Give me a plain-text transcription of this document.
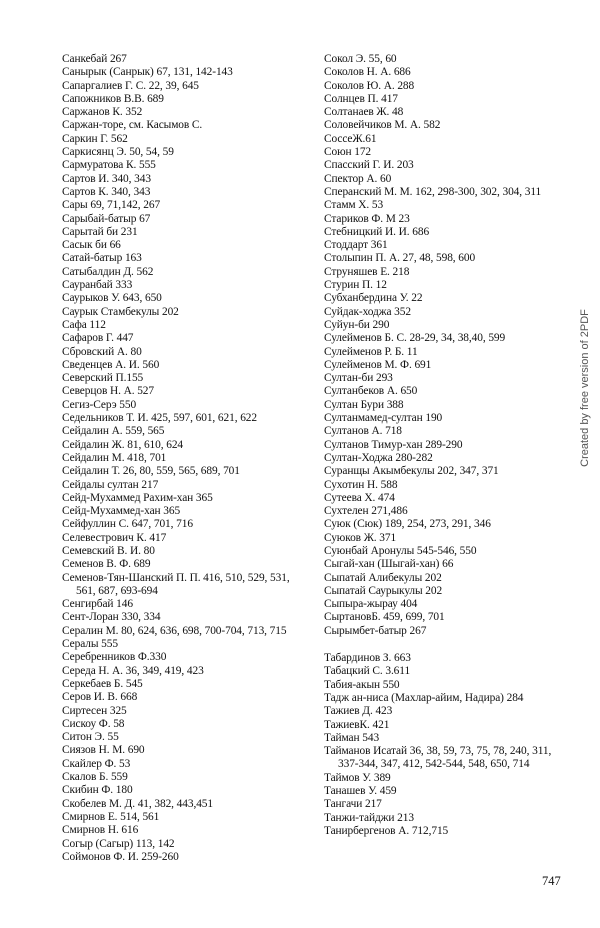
Санкебай 267
Санырык (Санрык) 67, 131, 142-143
Сапаргалиев Г. С. 22, 39, 645
Сапожников В.В. 689
Саржанов К. 352
Саржан-торе, см. Касымов С.
Саркин Г. 562
Саркисянц Э. 50, 54, 59
Сармуратова К. 555
Сартов И. 340, 343
Сартов К. 340, 343
Сары 69, 71,142, 267
Сарыбай-батыр 67
Сарытай би 231
Сасык би 66
Сатай-батыр 163
Сатыбалдин Д. 562
Сауранбай 333
Саурыков У. 643, 650
Саурык Стамбекулы 202
Сафа 112
Сафаров Г. 447
Сбровский А. 80
Сведенцев А. И. 560
Северский П.155
Северцов Н. А. 527
Сегиз-Серэ 550
Седельников Т. И. 425, 597, 601, 621, 622
Сейдалин А. 559, 565
Сейдалин Ж. 81, 610, 624
Сейдалин М. 418, 701
Сейдалин Т. 26, 80, 559, 565, 689, 701
Сейдалы султан 217
Сейд-Мухаммед Рахим-хан 365
Сейд-Мухаммед-хан 365
Сейфуллин С. 647, 701, 716
Селевестрович К. 417
Семевский В. И. 80
Семенов В. Ф. 689
Семенов-Тян-Шанский П. П. 416, 510, 529, 531, 561, 687, 693-694
Сенгирбай 146
Сент-Лоран 330, 334
Сералин М. 80, 624, 636, 698, 700-704, 713, 715
Сералы 555
Серебренников Ф.330
Середа Н. А. 36, 349, 419, 423
Серкебаев Б. 545
Серов И. В. 668
Сиртесен 325
Сискоу Ф. 58
Ситон Э. 55
Сиязов Н. М. 690
Скайлер Ф. 53
Скалов Б. 559
Скибин Ф. 180
Скобелев М. Д. 41, 382, 443,451
Смирнов Е. 514, 561
Смирнов Н. 616
Согыр (Сагыр) 113, 142
Соймонов Ф. И. 259-260
Сокол Э. 55, 60
Соколов Н. А. 686
Соколов Ю. А. 288
Солнцев П. 417
Солтанаев Ж. 48
Соловейчиков М. А. 582
СоссеЖ.61
Союн 172
Спасский Г. И. 203
Спектор А. 60
Сперанский М. М. 162, 298-300, 302, 304, 311
Стамм Х. 53
Стариков Ф. М 23
Стебницкий И. И. 686
Стоддарт 361
Столыпин П. А. 27, 48, 598, 600
Струняшев Е. 218
Стурин П. 12
Субханбердина У. 22
Суйдак-ходжа 352
Суйун-би 290
Сулейменов Б. С. 28-29, 34, 38,40, 599
Сулейменов Р. Б. 11
Сулейменов М. Ф. 691
Султан-би 293
Султанбеков А. 650
Султан Бури 388
Султанмамед-султан 190
Султанов А. 718
Султанов Тимур-хан 289-290
Султан-Ходжа 280-282
Суранщы Акымбекулы 202, 347, 371
Сухотин Н. 588
Сутеева Х. 474
Сухтелен 271,486
Суюк (Сюк) 189, 254, 273, 291, 346
Суюков Ж. 371
Суюнбай Аронулы 545-546, 550
Сыгай-хан (Шыгай-хан) 66
Сыпатай Алибекулы 202
Сыпатай Саурыкулы 202
Сыпыра-жырау 404
СыртановБ. 459, 699, 701
Сырымбет-батыр 267
Табардинов З. 663
Табацкий С. 3.611
Табия-акын 550
Тадж ан-ниса (Махлар-айим, Надира) 284
Тажиев Д. 423
ТажиевК. 421
Тайман 543
Тайманов Исатай 36, 38, 59, 73, 75, 78, 240, 311, 337-344, 347, 412, 542-544, 548, 650, 714
Таймов У. 389
Танашев У. 459
Тангачи 217
Танжи-тайджи 213
Танирбергенов А. 712,715
747
Created by free version of 2PDF
